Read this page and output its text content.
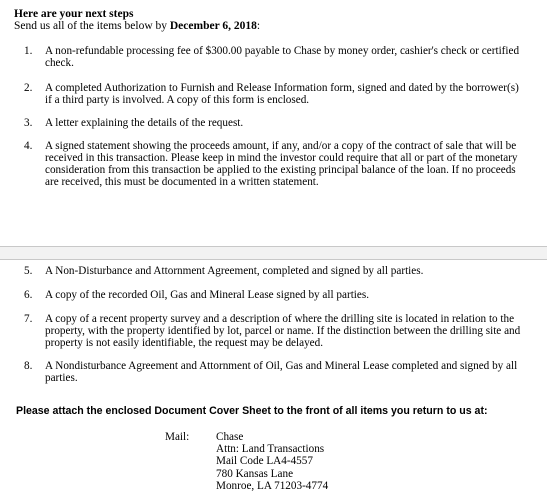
Here are your next steps
Send us all of the items below by December 6, 2018:
1.	A non-refundable processing fee of $300.00 payable to Chase by money order, cashier's check or certified check.
2.	A completed Authorization to Furnish and Release Information form, signed and dated by the borrower(s) if a third party is involved. A copy of this form is enclosed.
3.	A letter explaining the details of the request.
4.	A signed statement showing the proceeds amount, if any, and/or a copy of the contract of sale that will be received in this transaction. Please keep in mind the investor could require that all or part of the monetary consideration from this transaction be applied to the existing principal balance of the loan. If no proceeds are received, this must be documented in a written statement.
5.	A Non-Disturbance and Attornment Agreement, completed and signed by all parties.
6.	A copy of the recorded Oil, Gas and Mineral Lease signed by all parties.
7.	A copy of a recent property survey and a description of where the drilling site is located in relation to the property, with the property identified by lot, parcel or name. If the distinction between the drilling site and property is not easily identifiable, the request may be delayed.
8.	A Nondisturbance Agreement and Attornment of Oil, Gas and Mineral Lease completed and signed by all parties.
Please attach the enclosed Document Cover Sheet to the front of all items you return to us at:
Mail: Chase
Attn: Land Transactions
Mail Code LA4-4557
780 Kansas Lane
Monroe, LA 71203-4774
